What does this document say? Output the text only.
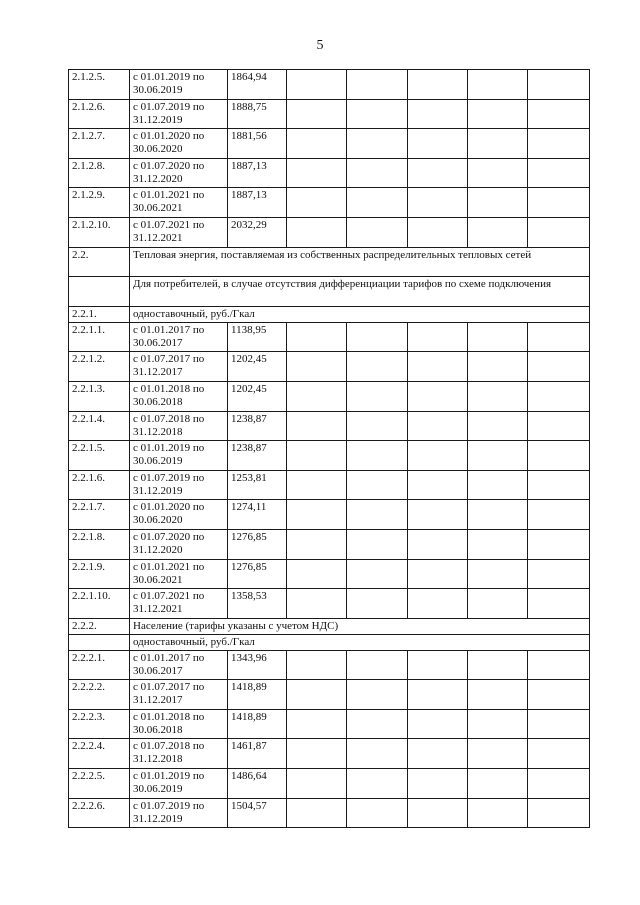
5
2.1.2.5.	с 01.01.2019 по 30.06.2019	1864,94					
2.1.2.6.	с 01.07.2019 по 31.12.2019	1888,75					
2.1.2.7.	с 01.01.2020 по 30.06.2020	1881,56					
2.1.2.8.	с 01.07.2020 по 31.12.2020	1887,13					
2.1.2.9.	с 01.01.2021 по 30.06.2021	1887,13					
2.1.2.10.	с 01.07.2021 по 31.12.2021	2032,29					
2.2.	Тепловая энергия, поставляемая из собственных распределительных тепловых сетей						
	Для потребителей, в случае отсутствия дифференциации тарифов по схеме подключения						
2.2.1.	одноставочный, руб./Гкал						
2.2.1.1.	с 01.01.2017 по 30.06.2017	1138,95					
2.2.1.2.	с 01.07.2017 по 31.12.2017	1202,45					
2.2.1.3.	с 01.01.2018 по 30.06.2018	1202,45					
2.2.1.4.	с 01.07.2018 по 31.12.2018	1238,87					
2.2.1.5.	с 01.01.2019 по 30.06.2019	1238,87					
2.2.1.6.	с 01.07.2019 по 31.12.2019	1253,81					
2.2.1.7.	с 01.01.2020 по 30.06.2020	1274,11					
2.2.1.8.	с 01.07.2020 по 31.12.2020	1276,85					
2.2.1.9.	с 01.01.2021 по 30.06.2021	1276,85					
2.2.1.10.	с 01.07.2021 по 31.12.2021	1358,53					
2.2.2.	Население (тарифы указаны с учетом НДС)						
	одноставочный, руб./Гкал						
2.2.2.1.	с 01.01.2017 по 30.06.2017	1343,96					
2.2.2.2.	с 01.07.2017 по 31.12.2017	1418,89					
2.2.2.3.	с 01.01.2018 по 30.06.2018	1418,89					
2.2.2.4.	с 01.07.2018 по 31.12.2018	1461,87					
2.2.2.5.	с 01.01.2019 по 30.06.2019	1486,64					
2.2.2.6.	с 01.07.2019 по 31.12.2019	1504,57					
